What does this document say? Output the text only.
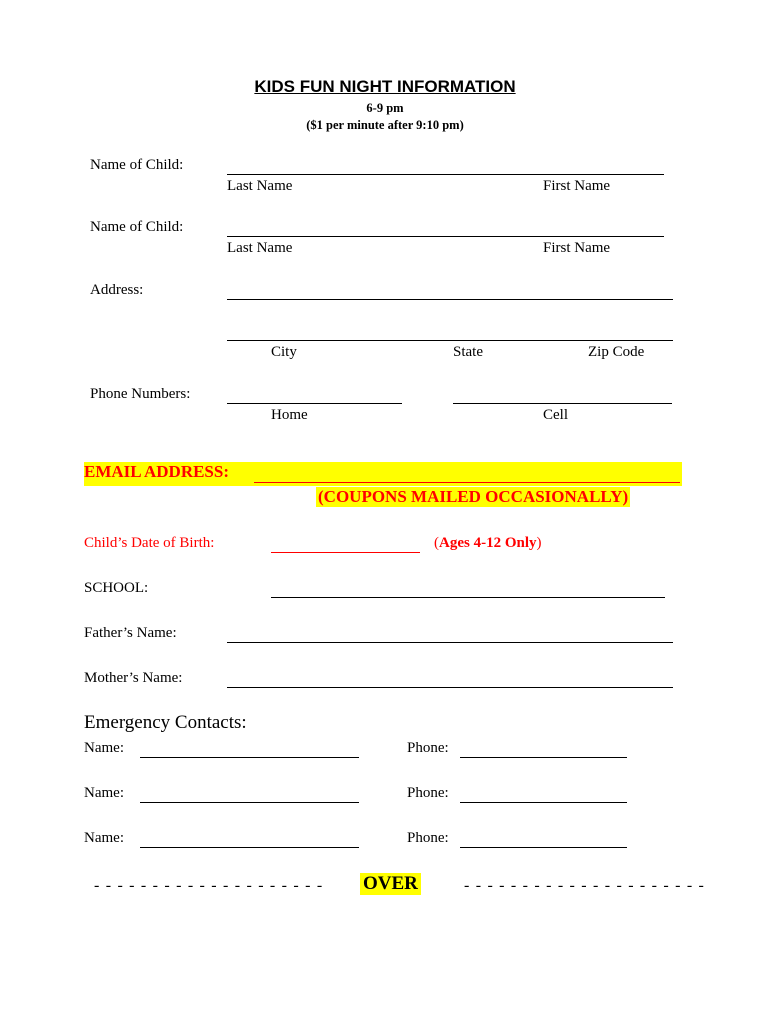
KIDS FUN NIGHT INFORMATION
6-9 pm
($1 per minute after 9:10 pm)
Name of Child:
Last Name	First Name
Name of Child:
Last Name	First Name
Address:
City	State	Zip Code
Phone Numbers:
Home	Cell
EMAIL ADDRESS:
(COUPONS MAILED OCCASIONALLY)
Child’s Date of Birth:	(Ages 4-12 Only)
SCHOOL:
Father’s Name:
Mother’s Name:
Emergency Contacts:
Name:	Phone:
Name:	Phone:
Name:	Phone:
- - - - - - - - - - - - - - - - - - - - OVER	- - - - - - - - - - - - - - - - - - - - -
